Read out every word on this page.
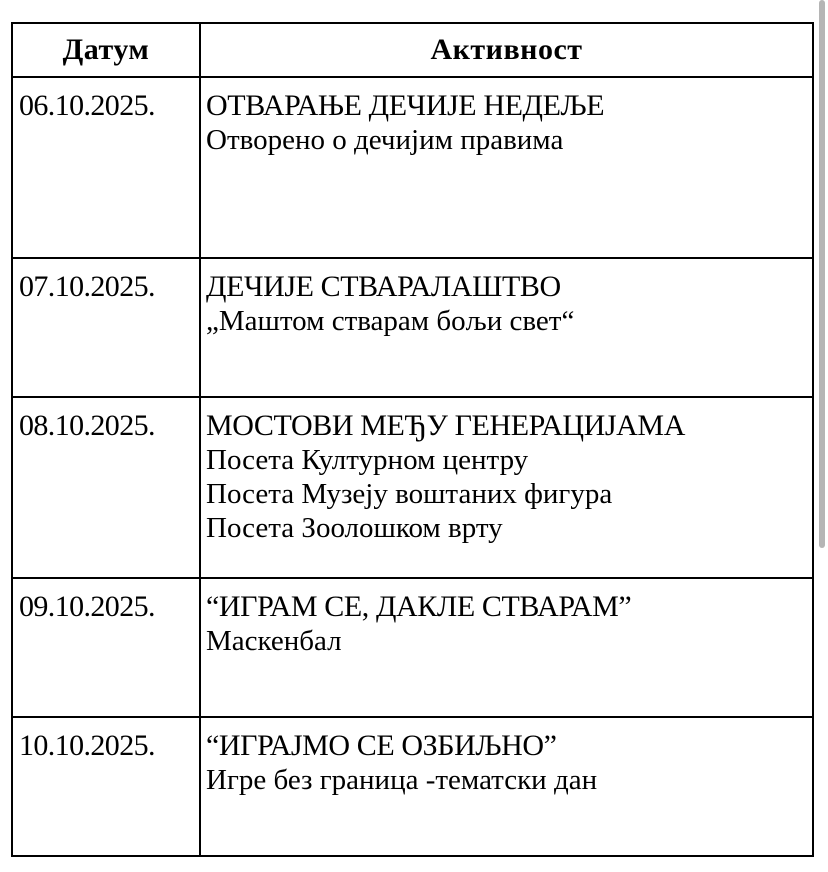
Датум	Активност

06.10.2025.	ОТВАРАЊЕ ДЕЧИЈЕ НЕДЕЉЕ
Отворено о дечијим правима

07.10.2025.	ДЕЧИЈЕ СТВАРАЛАШТВО
„Маштом стварам бољи свет“

08.10.2025.	МОСТОВИ МЕЂУ ГЕНЕРАЦИЈАМА
Посета Културном центру
Посета Музеју воштаних фигура
Посета Зоолошком врту

09.10.2025.	“ИГРАМ СЕ, ДАКЛЕ СТВАРАМ”
Маскенбал

10.10.2025.	“ИГРАЈМО СЕ ОЗБИЉНО”
Игре без граница -тематски дан
